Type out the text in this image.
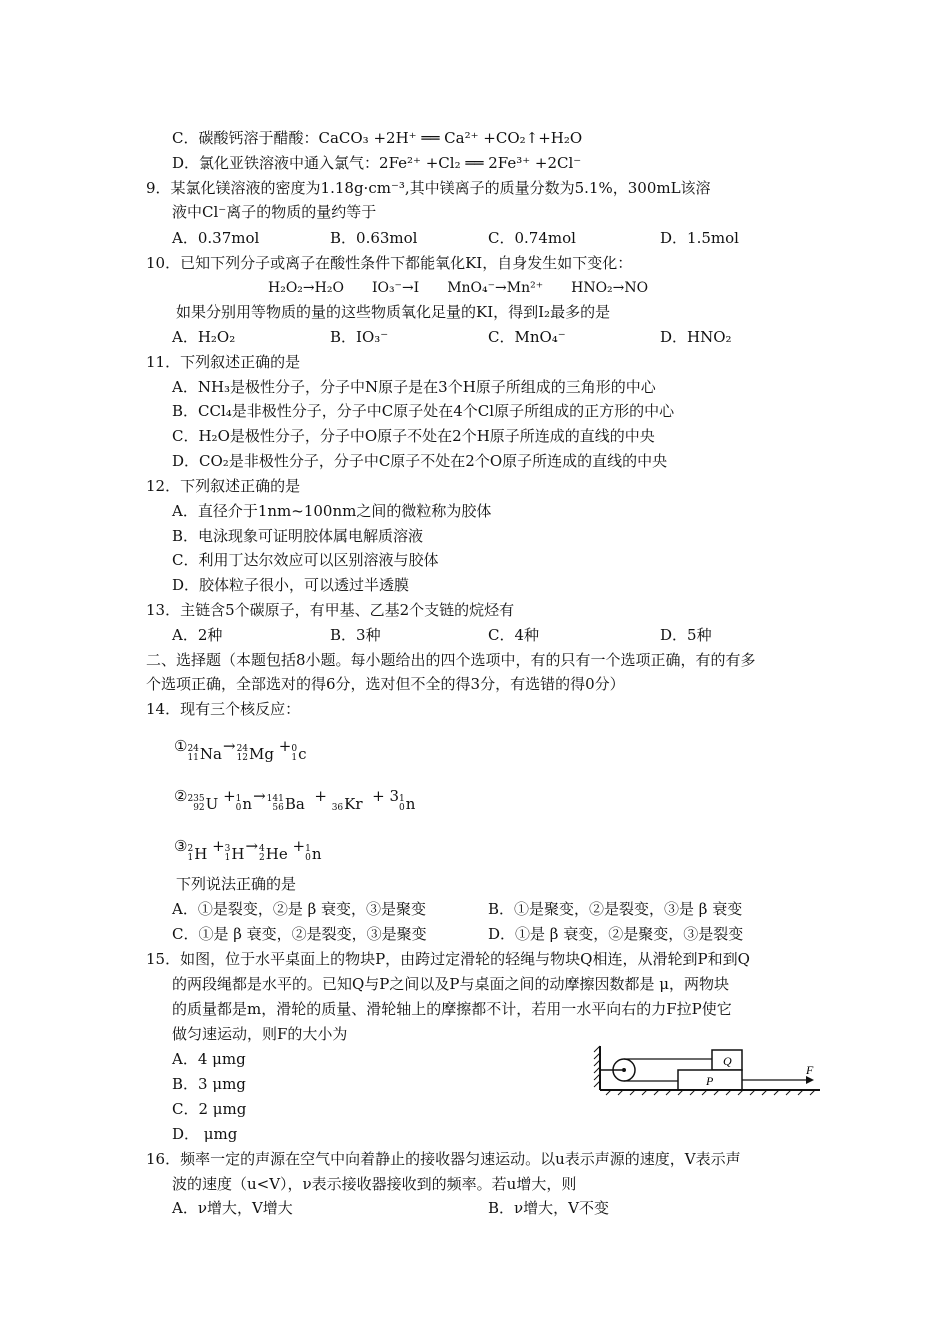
C．碳酸钙溶于醋酸：CaCO₃ +2H⁺ ══ Ca²⁺ +CO₂↑+H₂O
D．氯化亚铁溶液中通入氯气：2Fe²⁺ +Cl₂ ══ 2Fe³⁺ +2Cl⁻
9．某氯化镁溶液的密度为1.18g·cm⁻³,其中镁离子的质量分数为5.1%，300mL该溶
液中Cl⁻离子的物质的量约等于
A．0.37mol	B．0.63mol	C．0.74mol	D．1.5mol
10．已知下列分子或离子在酸性条件下都能氧化KI，自身发生如下变化：
H₂O₂→H₂O　　IO₃⁻→I　　MnO₄⁻→Mn²⁺　　HNO₂→NO
如果分别用等物质的量的这些物质氧化足量的KI，得到I₂最多的是
A．H₂O₂	B．IO₃⁻	C．MnO₄⁻	D．HNO₂
11．下列叙述正确的是
A．NH₃是极性分子，分子中N原子是在3个H原子所组成的三角形的中心
B．CCl₄是非极性分子，分子中C原子处在4个Cl原子所组成的正方形的中心
C．H₂O是极性分子，分子中O原子不处在2个H原子所连成的直线的中央
D．CO₂是非极性分子，分子中C原子不处在2个O原子所连成的直线的中央
12．下列叙述正确的是
A．直径介于1nm~100nm之间的微粒称为胶体
B．电泳现象可证明胶体属电解质溶液
C．利用丁达尔效应可以区别溶液与胶体
D．胶体粒子很小，可以透过半透膜
13．主链含5个碳原子，有甲基、乙基2个支链的烷烃有
A．2种	B．3种	C．4种	D．5种
二、选择题（本题包括8小题。每小题给出的四个选项中，有的只有一个选项正确，有的有多
个选项正确，全部选对的得6分，选对但不全的得3分，有选错的得0分）
14．现有三个核反应：
① 24
11 Na → 24
12 Mg + 0
1 c
② 235
92 U + 1
0 n → 141
56 Ba +

36 Kr + 3 1
0 n
③ 2
1 H + 3
1 H → 4
2 He + 1
0 n
下列说法正确的是
A．①是裂变，②是 β 衰变，③是聚变	B．①是聚变，②是裂变，③是 β 衰变
C．①是 β 衰变，②是裂变，③是聚变	D．①是 β 衰变，②是聚变，③是裂变
15．如图，位于水平桌面上的物块P，由跨过定滑轮的轻绳与物块Q相连，从滑轮到P和到Q
的两段绳都是水平的。已知Q与P之间以及P与桌面之间的动摩擦因数都是 μ，两物块
的质量都是m，滑轮的质量、滑轮轴上的摩擦都不计，若用一水平向右的力F拉P使它
做匀速运动，则F的大小为
A．4 μmg
B．3 μmg
C．2 μmg
D． μmg
Q
P
F
16．频率一定的声源在空气中向着静止的接收器匀速运动。以u表示声源的速度，V表示声
波的速度（u<V），ν表示接收器接收到的频率。若u增大，则
A．ν增大，V增大	B．ν增大，V不变
